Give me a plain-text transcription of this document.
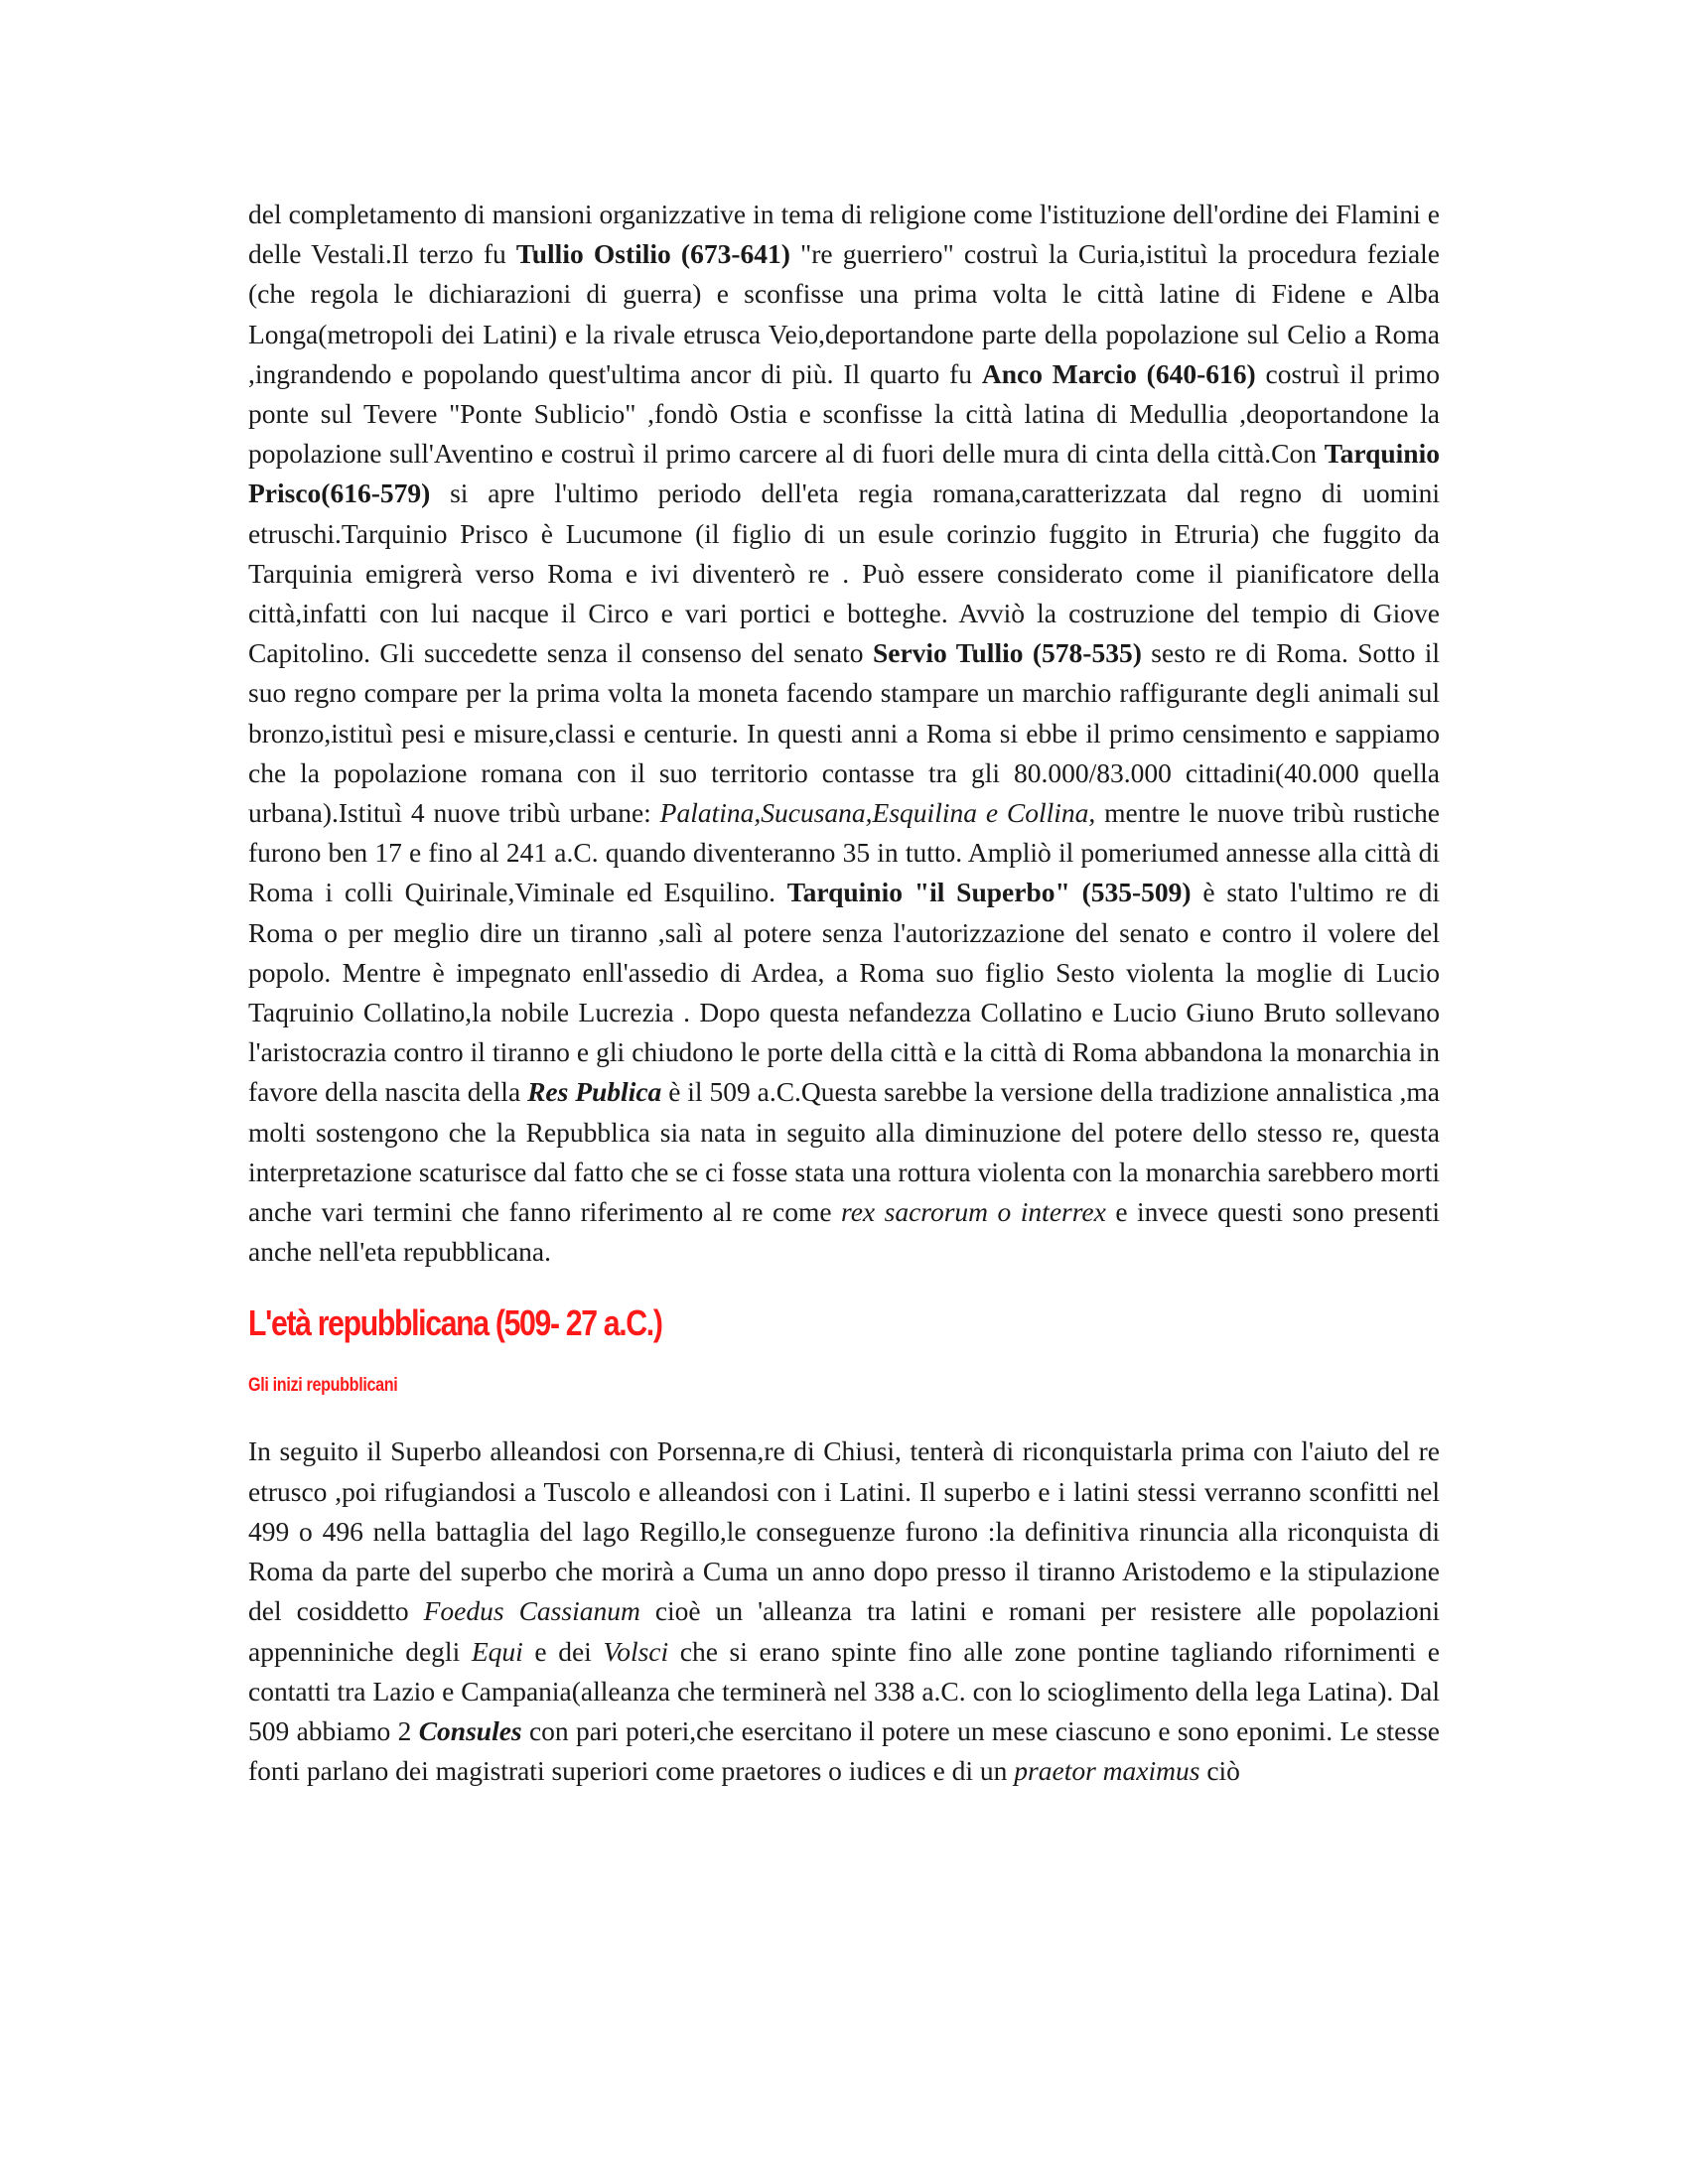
del completamento di mansioni organizzative in tema di religione come l'istituzione dell'ordine dei Flamini e delle Vestali.Il terzo fu Tullio Ostilio (673-641) "re guerriero" costruì la Curia,istituì la procedura feziale (che regola le dichiarazioni di guerra) e sconfisse una prima volta le città latine di Fidene e Alba Longa(metropoli dei Latini) e la rivale etrusca Veio,deportandone parte della popolazione sul Celio a Roma ,ingrandendo e popolando quest'ultima ancor di più. Il quarto fu Anco Marcio (640-616) costruì il primo ponte sul Tevere "Ponte Sublicio" ,fondò Ostia e sconfisse la città latina di Medullia ,deoportandone la popolazione sull'Aventino e costruì il primo carcere al di fuori delle mura di cinta della città.Con Tarquinio Prisco(616-579) si apre l'ultimo periodo dell'eta regia romana,caratterizzata dal regno di uomini etruschi.Tarquinio Prisco è Lucumone (il figlio di un esule corinzio fuggito in Etruria) che fuggito da Tarquinia emigrerà verso Roma e ivi diventerò re . Può essere considerato come il pianificatore della città,infatti con lui nacque il Circo e vari portici e botteghe. Avviò la costruzione del tempio di Giove Capitolino. Gli succedette senza il consenso del senato Servio Tullio (578-535) sesto re di Roma. Sotto il suo regno compare per la prima volta la moneta facendo stampare un marchio raffigurante degli animali sul bronzo,istituì pesi e misure,classi e centurie. In questi anni a Roma si ebbe il primo censimento e sappiamo che la popolazione romana con il suo territorio contasse tra gli 80.000/83.000 cittadini(40.000 quella urbana).Istituì 4 nuove tribù urbane: Palatina,Sucusana,Esquilina e Collina, mentre le nuove tribù rustiche furono ben 17 e fino al 241 a.C. quando diventeranno 35 in tutto. Ampliò il pomeriumed annesse alla città di Roma i colli Quirinale,Viminale ed Esquilino. Tarquinio "il Superbo" (535-509) è stato l'ultimo re di Roma o per meglio dire un tiranno ,salì al potere senza l'autorizzazione del senato e contro il volere del popolo. Mentre è impegnato enll'assedio di Ardea, a Roma suo figlio Sesto violenta la moglie di Lucio Taqruinio Collatino,la nobile Lucrezia . Dopo questa nefandezza Collatino e Lucio Giuno Bruto sollevano l'aristocrazia contro il tiranno e gli chiudono le porte della città e la città di Roma abbandona la monarchia in favore della nascita della Res Publica è il 509 a.C.Questa sarebbe la versione della tradizione annalistica ,ma molti sostengono che la Repubblica sia nata in seguito alla diminuzione del potere dello stesso re, questa interpretazione scaturisce dal fatto che se ci fosse stata una rottura violenta con la monarchia sarebbero morti anche vari termini che fanno riferimento al re come rex sacrorum o interrex e invece questi sono presenti anche nell'eta repubblicana.

L'età repubblicana (509- 27 a.C.)
Gli inizi repubblicani

In seguito il Superbo alleandosi con Porsenna,re di Chiusi, tenterà di riconquistarla prima con l'aiuto del re etrusco ,poi rifugiandosi a Tuscolo e alleandosi con i Latini. Il superbo e i latini stessi verranno sconfitti nel 499 o 496 nella battaglia del lago Regillo,le conseguenze furono :la definitiva rinuncia alla riconquista di Roma da parte del superbo che morirà a Cuma un anno dopo presso il tiranno Aristodemo e la stipulazione del cosiddetto Foedus Cassianum cioè un 'alleanza tra latini e romani per resistere alle popolazioni appenniniche degli Equi e dei Volsci che si erano spinte fino alle zone pontine tagliando rifornimenti e contatti tra Lazio e Campania(alleanza che terminerà nel 338 a.C. con lo scioglimento della lega Latina). Dal 509 abbiamo 2 Consules con pari poteri,che esercitano il potere un mese ciascuno e sono eponimi. Le stesse fonti parlano dei magistrati superiori come praetores o iudices e di un praetor maximus ciò
